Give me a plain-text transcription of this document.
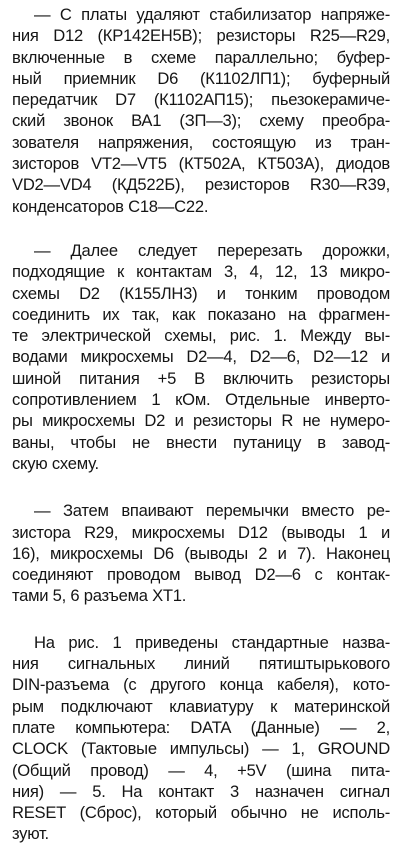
— С платы удаляют стабилизатор напряже-
ния D12 (КР142ЕН5В); резисторы R25—R29,
включенные в схеме параллельно; буфер-
ный приемник D6 (К1102ЛП1); буферный
передатчик D7 (К1102АП15); пьезокерамиче-
ский звонок ВА1 (ЗП—3); схему преобра-
зователя напряжения, состоящую из тран-
зисторов VT2—VT5 (КТ502А, КТ503А), диодов
VD2—VD4 (КД522Б), резисторов R30—R39,
конденсаторов С18—С22.
— Далее следует перерезать дорожки,
подходящие к контактам 3, 4, 12, 13 микро-
схемы D2 (К155ЛН3) и тонким проводом
соединить их так, как показано на фрагмен-
те электрической схемы, рис. 1. Между вы-
водами микросхемы D2—4, D2—6, D2—12 и
шиной питания +5 В включить резисторы
сопротивлением 1 кОм. Отдельные инверто-
ры микросхемы D2 и резисторы R не нумеро-
ваны, чтобы не внести путаницу в завод-
скую схему.
— Затем впаивают перемычки вместо ре-
зистора R29, микросхемы D12 (выводы 1 и
16), микросхемы D6 (выводы 2 и 7). Наконец
соединяют проводом вывод D2—6 с контак-
тами 5, 6 разъема ХТ1.
На рис. 1 приведены стандартные назва-
ния сигнальных линий пятиштырькового
DIN-разъема (с другого конца кабеля), кото-
рым подключают клавиатуру к материнской
плате компьютера: DATA (Данные) — 2,
CLOCK (Тактовые импульсы) — 1, GROUND
(Общий провод) — 4, +5V (шина пита-
ния) — 5. На контакт 3 назначен сигнал
RESET (Сброс), который обычно не исполь-
зуют.
